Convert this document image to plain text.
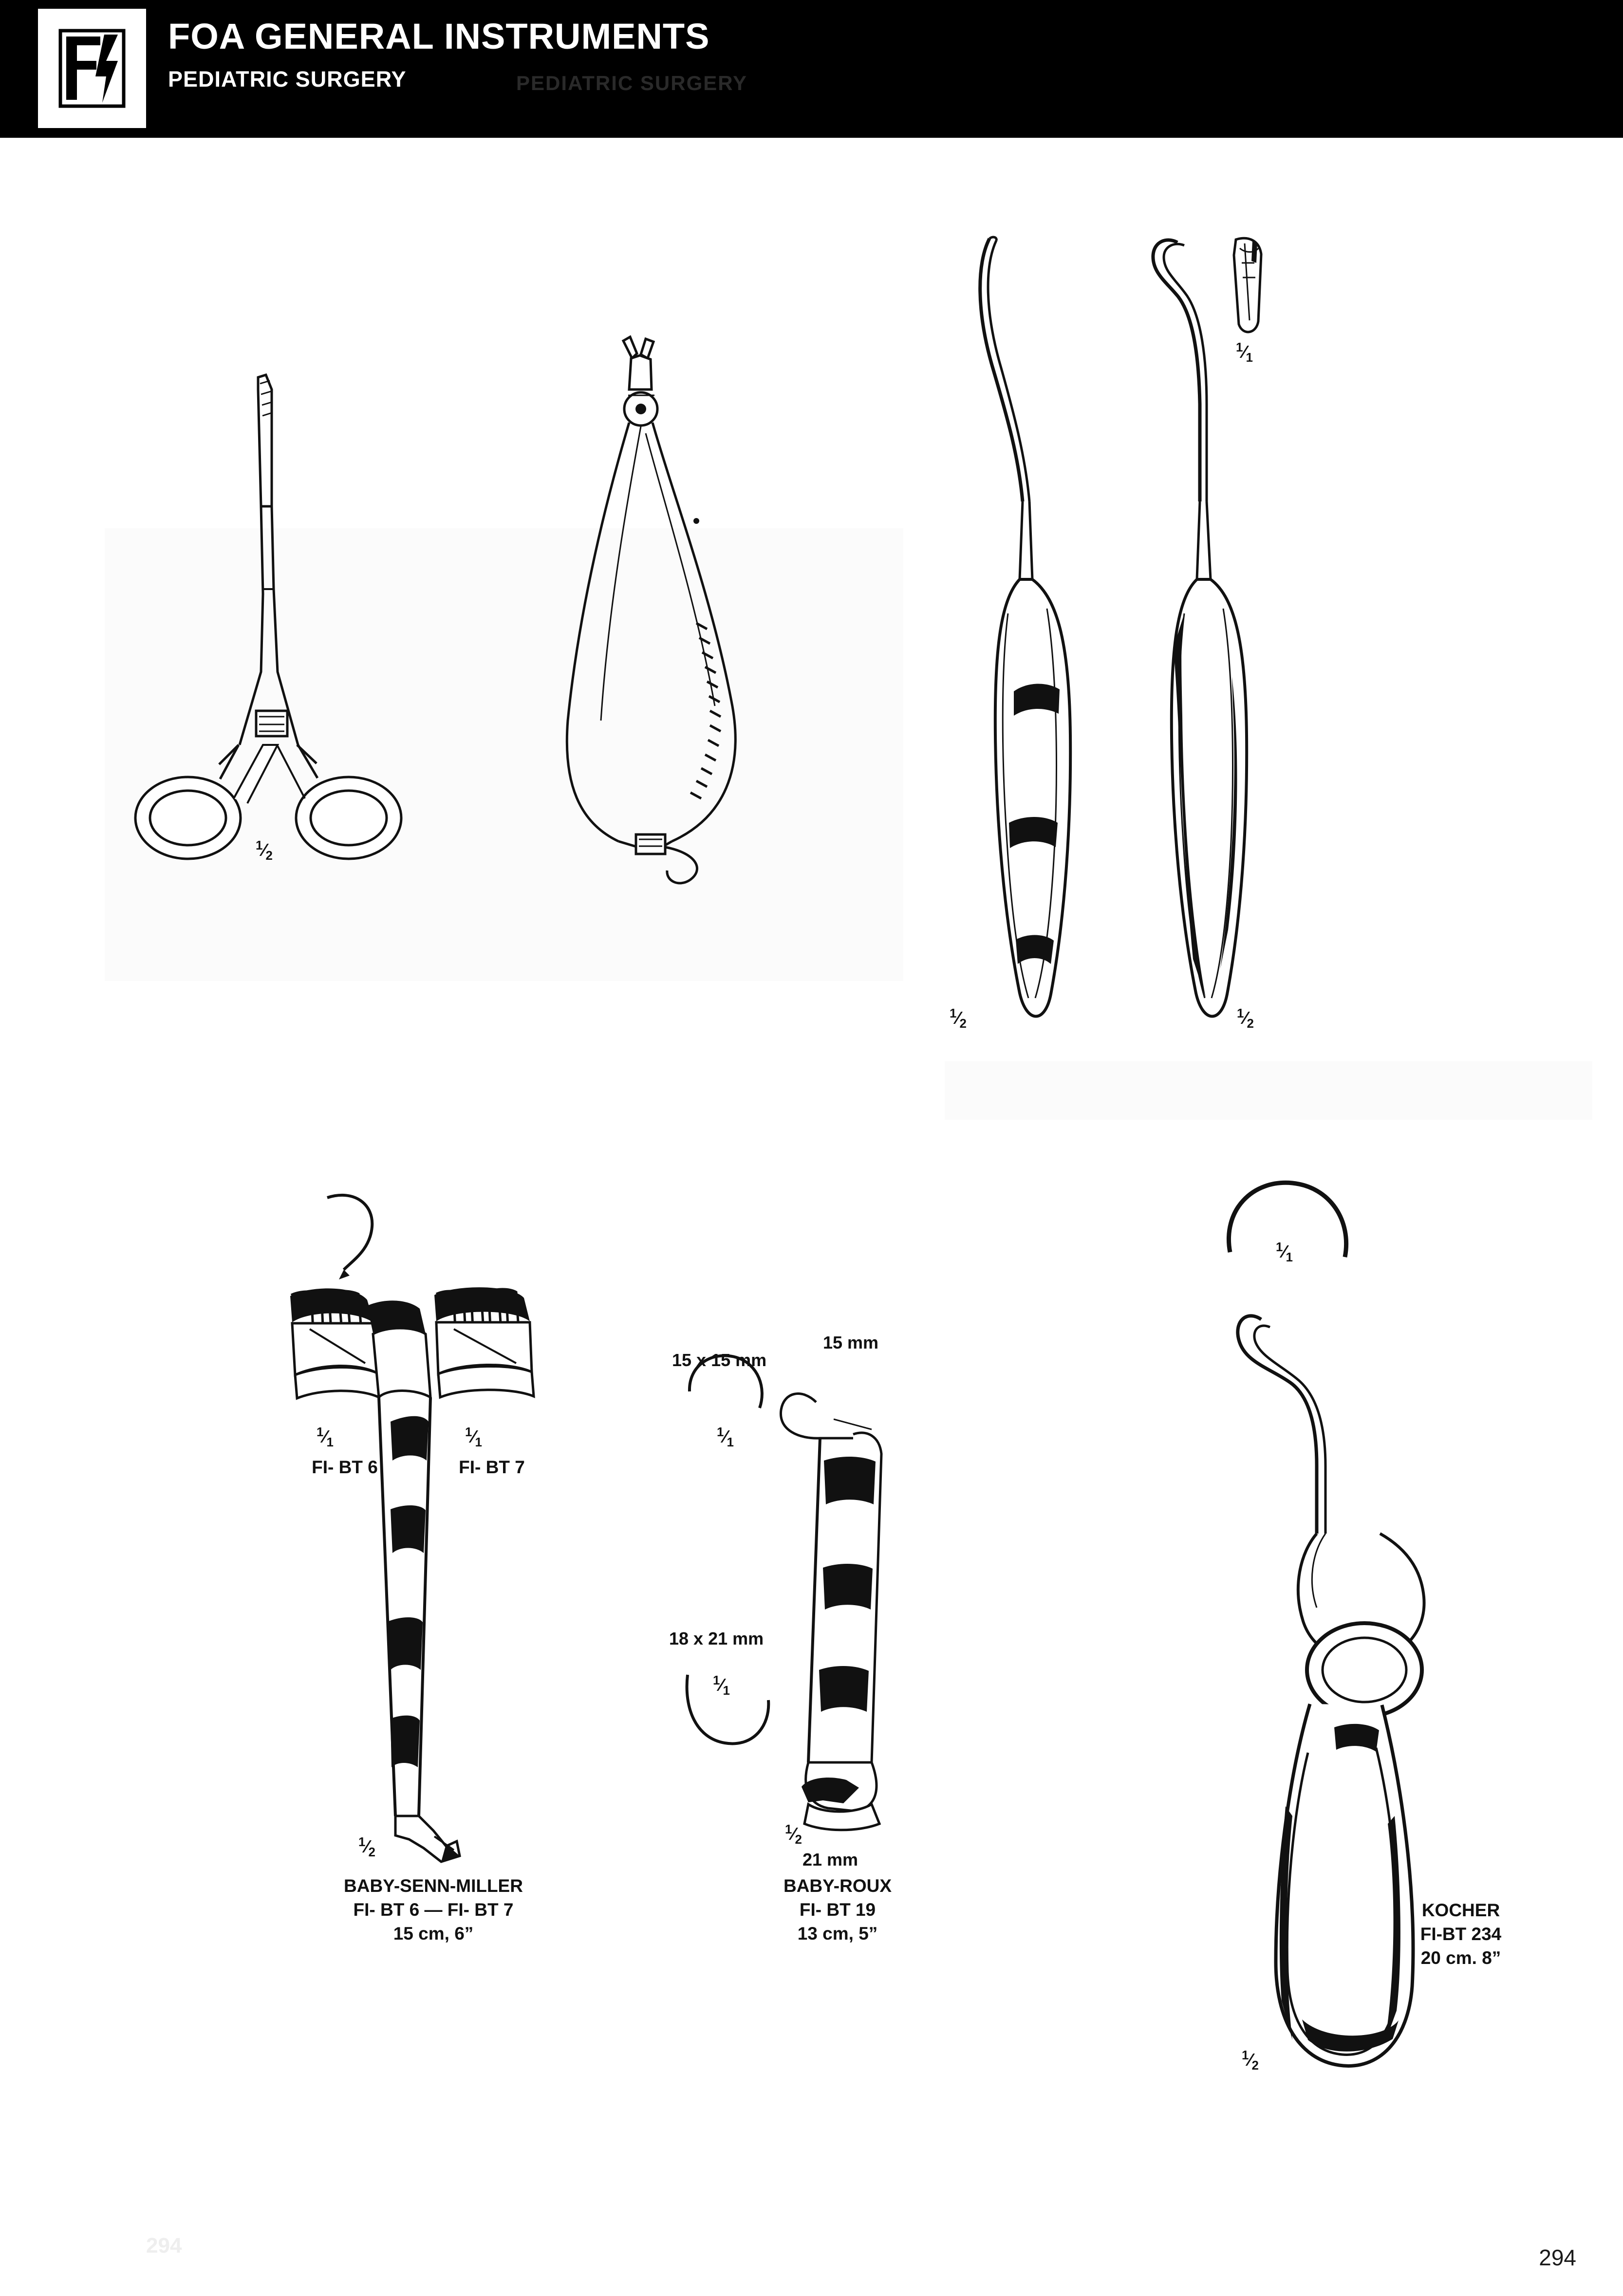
PEDIATRIC SURGERY
FOA GENERAL INSTRUMENTS
PEDIATRIC SURGERY
$^1⁄_2$
$^1⁄_1$
$^1⁄_2$
$^1⁄_2$
$^1⁄_1$
$^1⁄_1$
FI- BT 6	FI- BT 7
$^1⁄_2$
BABY-SENN-MILLER
FI- BT 6 — FI- BT 7
15 cm, 6”
15 x 15 mm
15 mm
$^1⁄_1$
18 x 21 mm
$^1⁄_1$
21 mm
$^1⁄_2$
BABY-ROUX
FI- BT 19
13 cm, 5”
$^1⁄_1$
$^1⁄_2$
KOCHER
FI-BT 234
20 cm. 8”
294	294
